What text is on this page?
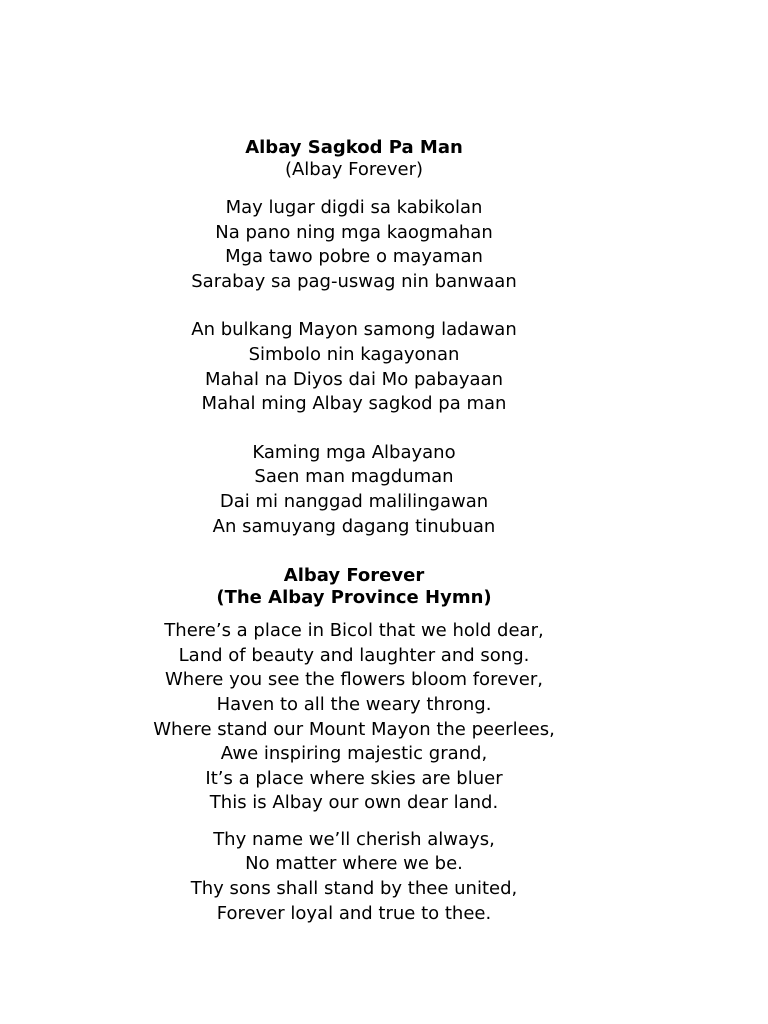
Albay Sagkod Pa Man

(Albay Forever)

May lugar digdi sa kabikolan
Na pano ning mga kaogmahan
Mga tawo pobre o mayaman
Sarabay sa pag-uswag nin banwaan
An bulkang Mayon samong ladawan
Simbolo nin kagayonan
Mahal na Diyos dai Mo pabayaan
Mahal ming Albay sagkod pa man
Kaming mga Albayano
Saen man magduman
Dai mi nanggad malilingawan
An samuyang dagang tinubuan

Albay Forever

(The Albay Province Hymn)

There’s a place in Bicol that we hold dear,
Land of beauty and laughter and song.
Where you see the flowers bloom forever,
Haven to all the weary throng.
Where stand our Mount Mayon the peerlees,
Awe inspiring majestic grand,
It’s a place where skies are bluer
This is Albay our own dear land.
Thy name we’ll cherish always,
No matter where we be.
Thy sons shall stand by thee united,
Forever loyal and true to thee.
